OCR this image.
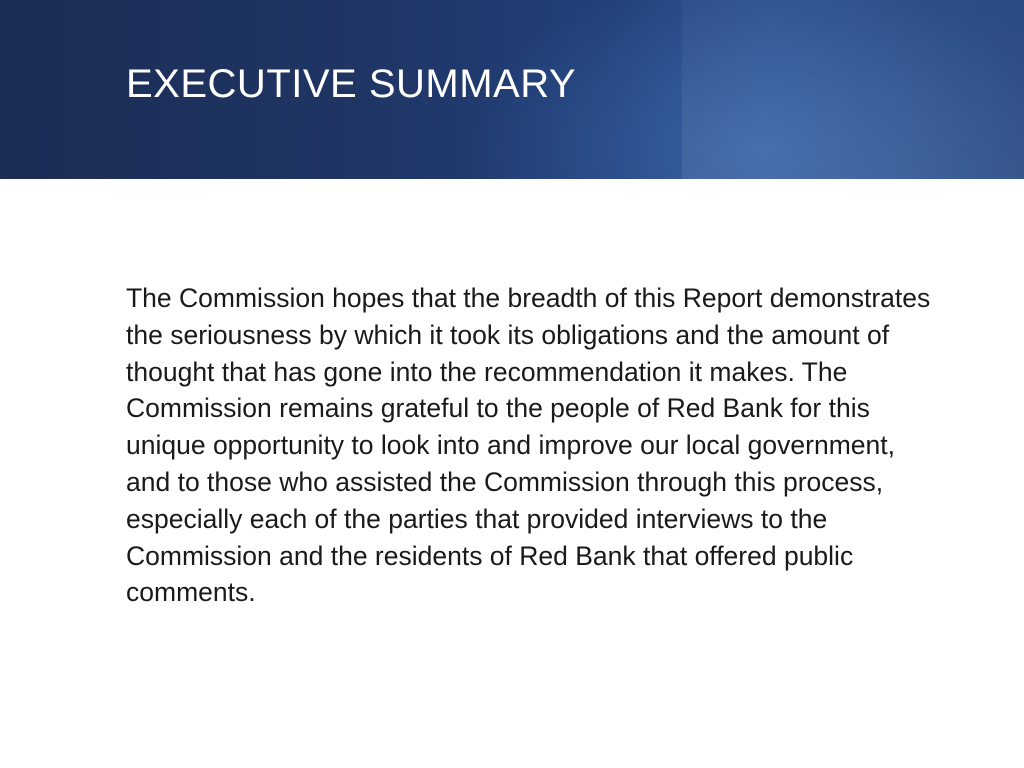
EXECUTIVE SUMMARY

The Commission hopes that the breadth of this Report demonstrates the seriousness by which it took its obligations and the amount of thought that has gone into the recommendation it makes. The Commission remains grateful to the people of Red Bank for this unique opportunity to look into and improve our local government, and to those who assisted the Commission through this process, especially each of the parties that provided interviews to the Commission and the residents of Red Bank that offered public comments.
